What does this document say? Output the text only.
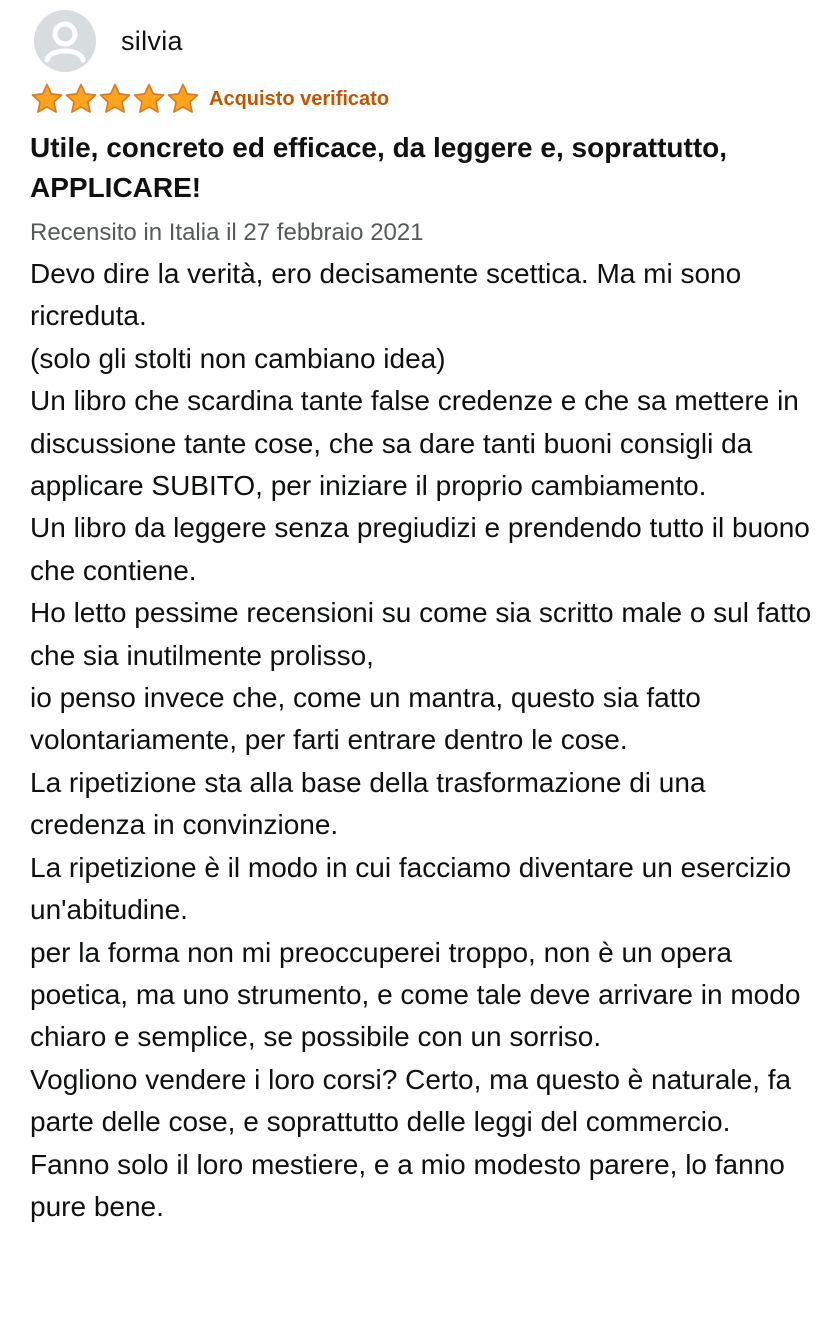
silvia
Acquisto verificato
Utile, concreto ed efficace, da leggere e, soprattutto, APPLICARE!
Recensito in Italia il 27 febbraio 2021
Devo dire la verità, ero decisamente scettica. Ma mi sono ricreduta.
(solo gli stolti non cambiano idea)
Un libro che scardina tante false credenze e che sa mettere in discussione tante cose, che sa dare tanti buoni consigli da applicare SUBITO, per iniziare il proprio cambiamento.
Un libro da leggere senza pregiudizi e prendendo tutto il buono che contiene.
Ho letto pessime recensioni su come sia scritto male o sul fatto che sia inutilmente prolisso,
io penso invece che, come un mantra, questo sia fatto volontariamente, per farti entrare dentro le cose.
La ripetizione sta alla base della trasformazione di una credenza in convinzione.
La ripetizione è il modo in cui facciamo diventare un esercizio un'abitudine.
per la forma non mi preoccuperei troppo, non è un opera poetica, ma uno strumento, e come tale deve arrivare in modo chiaro e semplice, se possibile con un sorriso.
Vogliono vendere i loro corsi? Certo, ma questo è naturale, fa parte delle cose, e soprattutto delle leggi del commercio. Fanno solo il loro mestiere, e a mio modesto parere, lo fanno pure bene.
